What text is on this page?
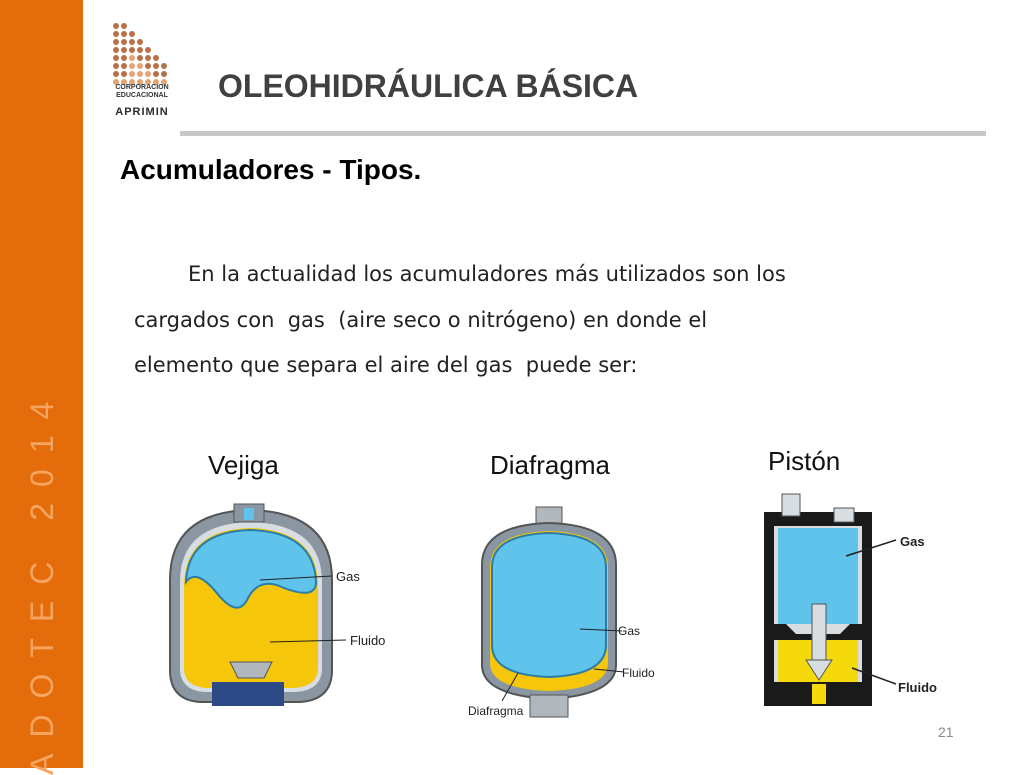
ADOTEC 2014
CORPORACION
EDUCACIONAL
APRIMIN
OLEOHIDRÁULICA BÁSICA
Acumuladores - Tipos.
En la actualidad los acumuladores más utilizados son los
cargados con  gas  (aire seco o nitrógeno) en donde el
elemento que separa el aire del gas  puede ser:
Vejiga	Diafragma	Pistón
Gas
Fluido
Gas
Fluido
Diafragma
Gas
Fluido
21
